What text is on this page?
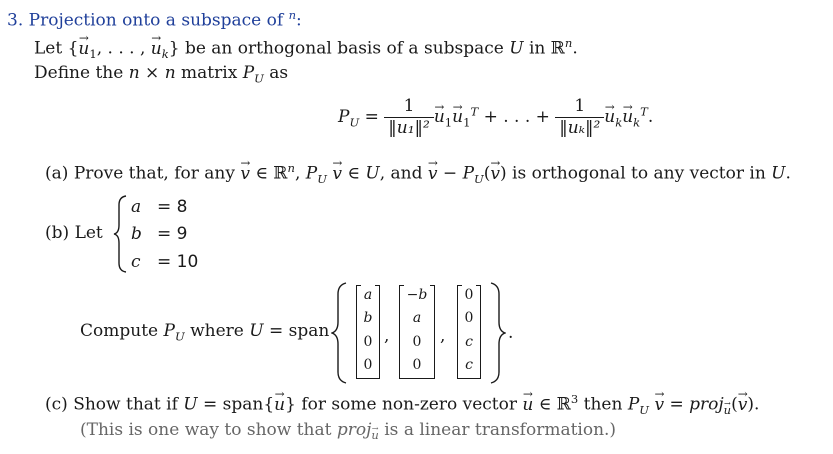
3. Projection onto a subspace of $^n$:
Let {→ $u_1$, . . . , → $u_k$} be an orthogonal basis of a subspace U in ℝ$^n$.
Define the n × n matrix $P_U$ as
$P_U = \frac{1}{\text{‖u₁‖²}}$
→ $u_1\to u_1^T$ + . . . + $\frac{1}{\text{‖uₖ‖²}}$
→ $u_k\to u_k^T$.
(a) Prove that, for any → v ∈ ℝ$^n$, $P_U \to v$ ∈ U, and → $v - P_U(\to v)$ is orthogonal to any vector in U.
(b) Let
a = 8
b = 9
c = 10
Compute $P_U$ where U = span
a
b
0
0
,
−b
a
0
0
,
0
0
c
c
.
(c) Show that if U = span{→ u} for some non-zero vector → u ∈ ℝ$^3$ then $P_U \to v$ = proj→ $_u$(→ v).
(This is one way to show that proj→ $_u$ is a linear transformation.)
